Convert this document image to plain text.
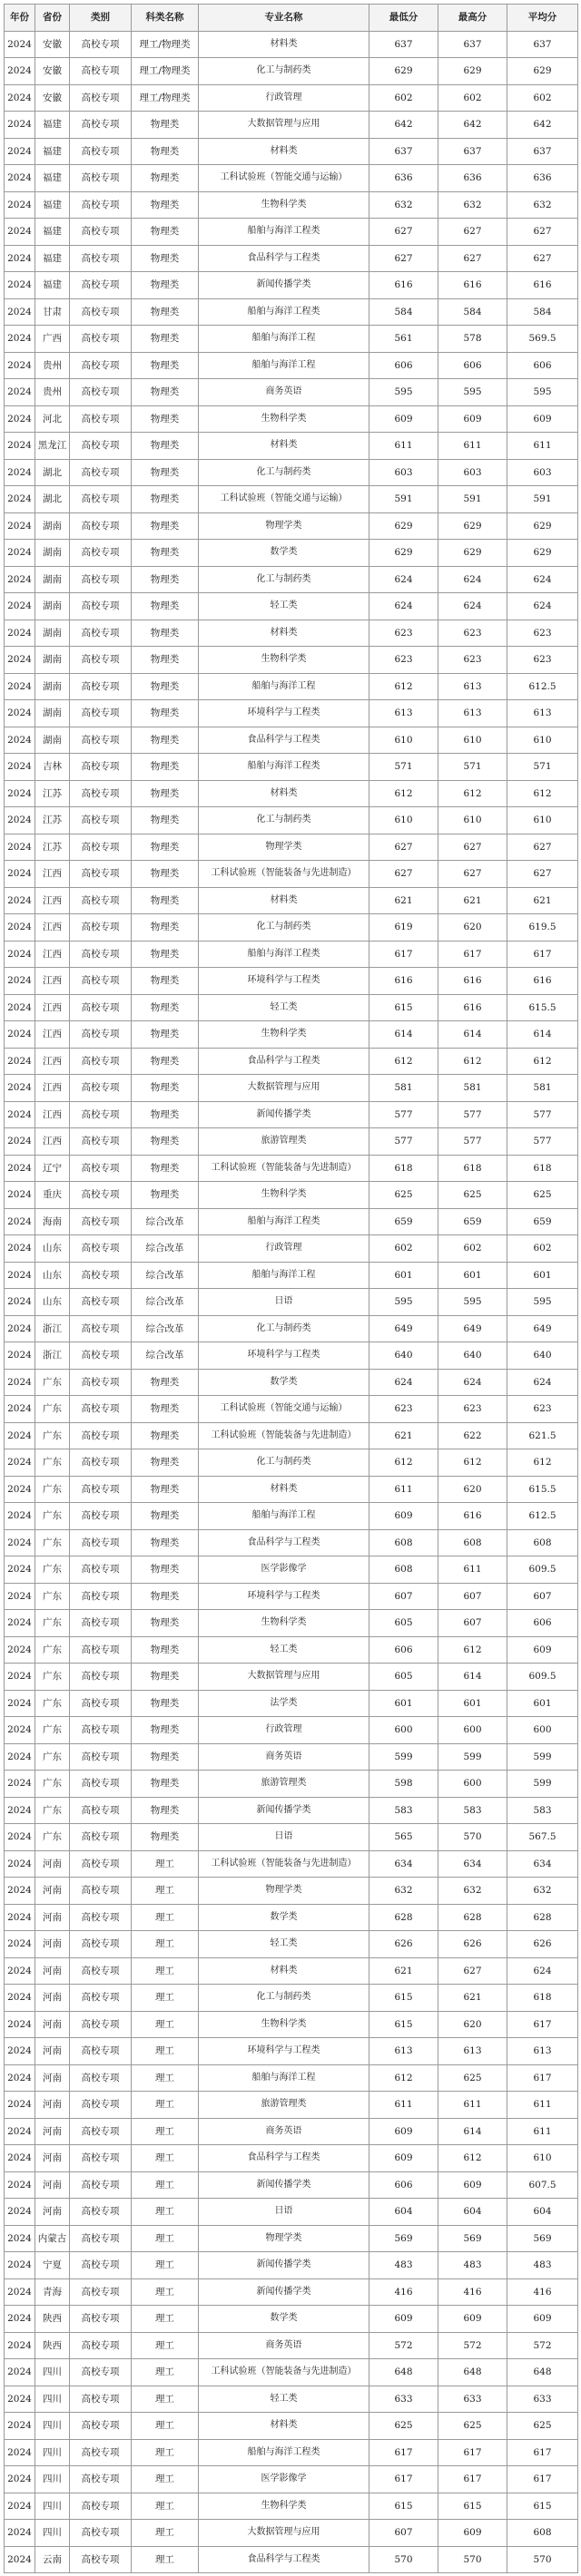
年份	省份	类别	科类名称	专业名称	最低分	最高分	平均分
2024	安徽	高校专项	理工/物理类	材料类	637	637	637
2024	安徽	高校专项	理工/物理类	化工与制药类	629	629	629
2024	安徽	高校专项	理工/物理类	行政管理	602	602	602
2024	福建	高校专项	物理类	大数据管理与应用	642	642	642
2024	福建	高校专项	物理类	材料类	637	637	637
2024	福建	高校专项	物理类	工科试验班（智能交通与运输）	636	636	636
2024	福建	高校专项	物理类	生物科学类	632	632	632
2024	福建	高校专项	物理类	船舶与海洋工程类	627	627	627
2024	福建	高校专项	物理类	食品科学与工程类	627	627	627
2024	福建	高校专项	物理类	新闻传播学类	616	616	616
2024	甘肃	高校专项	物理类	船舶与海洋工程类	584	584	584
2024	广西	高校专项	物理类	船舶与海洋工程	561	578	569.5
2024	贵州	高校专项	物理类	船舶与海洋工程	606	606	606
2024	贵州	高校专项	物理类	商务英语	595	595	595
2024	河北	高校专项	物理类	生物科学类	609	609	609
2024	黑龙江	高校专项	物理类	材料类	611	611	611
2024	湖北	高校专项	物理类	化工与制药类	603	603	603
2024	湖北	高校专项	物理类	工科试验班（智能交通与运输）	591	591	591
2024	湖南	高校专项	物理类	物理学类	629	629	629
2024	湖南	高校专项	物理类	数学类	629	629	629
2024	湖南	高校专项	物理类	化工与制药类	624	624	624
2024	湖南	高校专项	物理类	轻工类	624	624	624
2024	湖南	高校专项	物理类	材料类	623	623	623
2024	湖南	高校专项	物理类	生物科学类	623	623	623
2024	湖南	高校专项	物理类	船舶与海洋工程	612	613	612.5
2024	湖南	高校专项	物理类	环境科学与工程类	613	613	613
2024	湖南	高校专项	物理类	食品科学与工程类	610	610	610
2024	吉林	高校专项	物理类	船舶与海洋工程类	571	571	571
2024	江苏	高校专项	物理类	材料类	612	612	612
2024	江苏	高校专项	物理类	化工与制药类	610	610	610
2024	江苏	高校专项	物理类	物理学类	627	627	627
2024	江西	高校专项	物理类	工科试验班（智能装备与先进制造）	627	627	627
2024	江西	高校专项	物理类	材料类	621	621	621
2024	江西	高校专项	物理类	化工与制药类	619	620	619.5
2024	江西	高校专项	物理类	船舶与海洋工程类	617	617	617
2024	江西	高校专项	物理类	环境科学与工程类	616	616	616
2024	江西	高校专项	物理类	轻工类	615	616	615.5
2024	江西	高校专项	物理类	生物科学类	614	614	614
2024	江西	高校专项	物理类	食品科学与工程类	612	612	612
2024	江西	高校专项	物理类	大数据管理与应用	581	581	581
2024	江西	高校专项	物理类	新闻传播学类	577	577	577
2024	江西	高校专项	物理类	旅游管理类	577	577	577
2024	辽宁	高校专项	物理类	工科试验班（智能装备与先进制造）	618	618	618
2024	重庆	高校专项	物理类	生物科学类	625	625	625
2024	海南	高校专项	综合改革	船舶与海洋工程类	659	659	659
2024	山东	高校专项	综合改革	行政管理	602	602	602
2024	山东	高校专项	综合改革	船舶与海洋工程	601	601	601
2024	山东	高校专项	综合改革	日语	595	595	595
2024	浙江	高校专项	综合改革	化工与制药类	649	649	649
2024	浙江	高校专项	综合改革	环境科学与工程类	640	640	640
2024	广东	高校专项	物理类	数学类	624	624	624
2024	广东	高校专项	物理类	工科试验班（智能交通与运输）	623	623	623
2024	广东	高校专项	物理类	工科试验班（智能装备与先进制造）	621	622	621.5
2024	广东	高校专项	物理类	化工与制药类	612	612	612
2024	广东	高校专项	物理类	材料类	611	620	615.5
2024	广东	高校专项	物理类	船舶与海洋工程	609	616	612.5
2024	广东	高校专项	物理类	食品科学与工程类	608	608	608
2024	广东	高校专项	物理类	医学影像学	608	611	609.5
2024	广东	高校专项	物理类	环境科学与工程类	607	607	607
2024	广东	高校专项	物理类	生物科学类	605	607	606
2024	广东	高校专项	物理类	轻工类	606	612	609
2024	广东	高校专项	物理类	大数据管理与应用	605	614	609.5
2024	广东	高校专项	物理类	法学类	601	601	601
2024	广东	高校专项	物理类	行政管理	600	600	600
2024	广东	高校专项	物理类	商务英语	599	599	599
2024	广东	高校专项	物理类	旅游管理类	598	600	599
2024	广东	高校专项	物理类	新闻传播学类	583	583	583
2024	广东	高校专项	物理类	日语	565	570	567.5
2024	河南	高校专项	理工	工科试验班（智能装备与先进制造）	634	634	634
2024	河南	高校专项	理工	物理学类	632	632	632
2024	河南	高校专项	理工	数学类	628	628	628
2024	河南	高校专项	理工	轻工类	626	626	626
2024	河南	高校专项	理工	材料类	621	627	624
2024	河南	高校专项	理工	化工与制药类	615	621	618
2024	河南	高校专项	理工	生物科学类	615	620	617
2024	河南	高校专项	理工	环境科学与工程类	613	613	613
2024	河南	高校专项	理工	船舶与海洋工程	612	625	617
2024	河南	高校专项	理工	旅游管理类	611	611	611
2024	河南	高校专项	理工	商务英语	609	614	611
2024	河南	高校专项	理工	食品科学与工程类	609	612	610
2024	河南	高校专项	理工	新闻传播学类	606	609	607.5
2024	河南	高校专项	理工	日语	604	604	604
2024	内蒙古	高校专项	理工	物理学类	569	569	569
2024	宁夏	高校专项	理工	新闻传播学类	483	483	483
2024	青海	高校专项	理工	新闻传播学类	416	416	416
2024	陕西	高校专项	理工	数学类	609	609	609
2024	陕西	高校专项	理工	商务英语	572	572	572
2024	四川	高校专项	理工	工科试验班（智能装备与先进制造）	648	648	648
2024	四川	高校专项	理工	轻工类	633	633	633
2024	四川	高校专项	理工	材料类	625	625	625
2024	四川	高校专项	理工	船舶与海洋工程类	617	617	617
2024	四川	高校专项	理工	医学影像学	617	617	617
2024	四川	高校专项	理工	生物科学类	615	615	615
2024	四川	高校专项	理工	大数据管理与应用	607	609	608
2024	云南	高校专项	理工	食品科学与工程类	570	570	570
